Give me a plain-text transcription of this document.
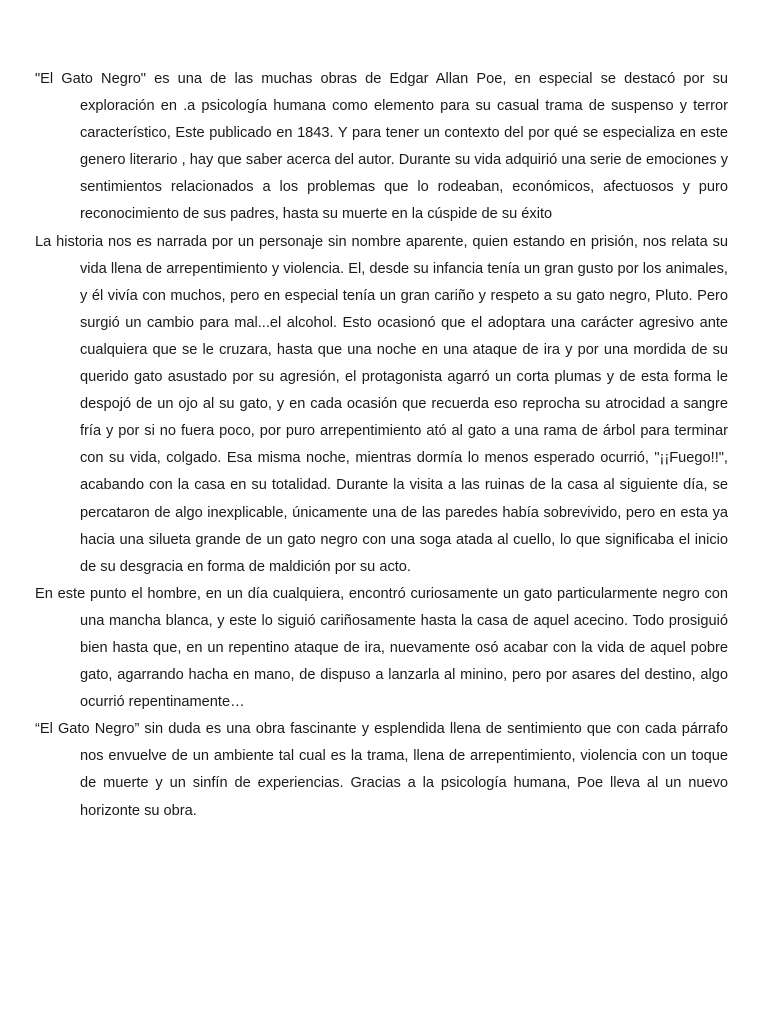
"El Gato Negro" es una de las muchas obras de Edgar Allan Poe, en especial se destacó por su exploración en .a psicología humana como elemento para su casual trama de suspenso y terror característico, Este publicado en 1843. Y para tener un contexto del por qué se especializa en este genero literario , hay que saber acerca del autor. Durante su vida adquirió una serie de emociones y sentimientos relacionados a los problemas que lo rodeaban, económicos, afectuosos y puro reconocimiento de sus padres, hasta su muerte en la cúspide de su éxito

La historia nos es narrada por un personaje sin nombre aparente, quien estando en prisión, nos relata su vida llena de arrepentimiento y violencia. El, desde su infancia tenía un gran gusto por los animales, y él vivía con muchos, pero en especial tenía un gran cariño y respeto a su gato negro, Pluto. Pero surgió un cambio para mal...el alcohol. Esto ocasionó que el adoptara una carácter agresivo ante cualquiera que se le cruzara, hasta que una noche en una ataque de ira y por una mordida de su querido gato asustado por su agresión, el protagonista agarró un corta plumas y de esta forma le despojó de un ojo al su gato, y en cada ocasión que recuerda eso reprocha su atrocidad a sangre fría y por si no fuera poco, por puro arrepentimiento ató al gato a una rama de árbol para terminar con su vida, colgado. Esa misma noche, mientras dormía lo menos esperado ocurrió, "¡¡Fuego!!", acabando con la casa en su totalidad. Durante la visita a las ruinas de la casa al siguiente día, se percataron de algo inexplicable, únicamente una de las paredes había sobrevivido, pero en esta ya hacia una silueta grande de un gato negro con una soga atada al cuello, lo que significaba el inicio de su desgracia en forma de maldición por su acto.

En este punto el hombre, en un día cualquiera, encontró curiosamente un gato particularmente negro con una mancha blanca, y este lo siguió cariñosamente hasta la casa de aquel acecino. Todo prosiguió bien hasta que, en un repentino ataque de ira, nuevamente osó acabar con la vida de aquel pobre gato, agarrando hacha en mano, de dispuso a lanzarla al minino, pero por asares del destino, algo ocurrió repentinamente…

“El Gato Negro” sin duda es una obra fascinante y esplendida llena de sentimiento que con cada párrafo nos envuelve de un ambiente tal cual es la trama, llena de arrepentimiento, violencia con un toque de muerte y un sinfín de experiencias. Gracias a la psicología humana, Poe lleva al un nuevo horizonte su obra.
